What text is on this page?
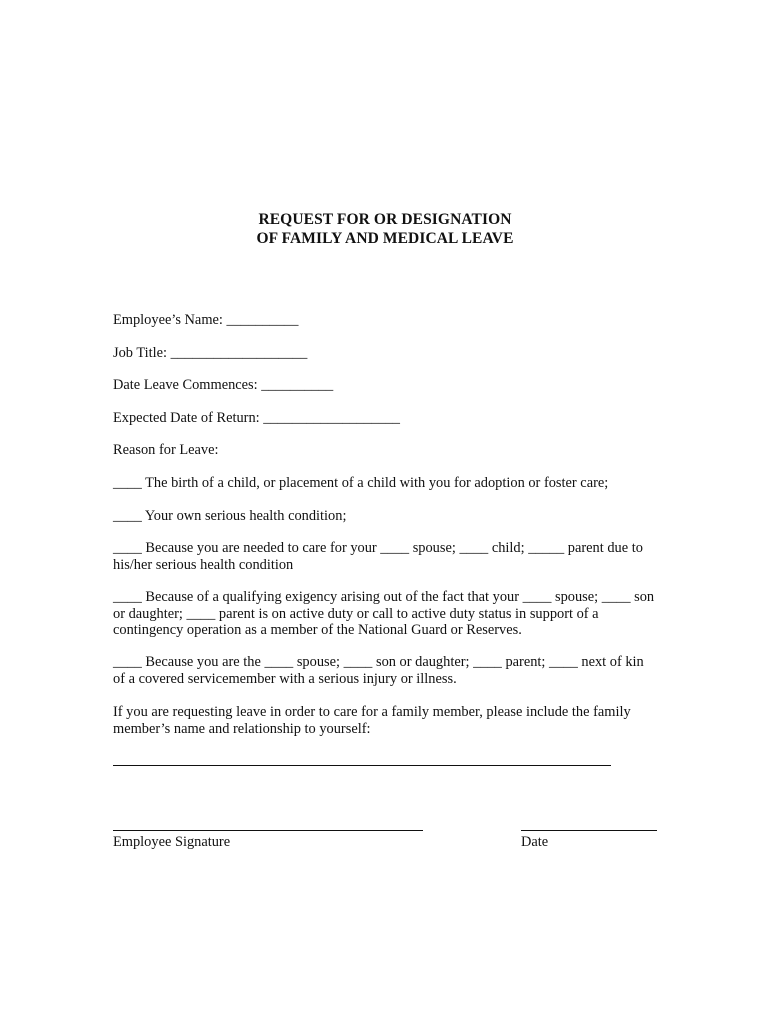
REQUEST FOR OR DESIGNATION
OF FAMILY AND MEDICAL LEAVE
Employee’s Name: __________
Job Title: ___________________
Date Leave Commences: __________
Expected Date of Return: ___________________
Reason for Leave:
____ The birth of a child, or placement of a child with you for adoption or foster care;
____ Your own serious health condition;
____ Because you are needed to care for your ____ spouse; ____ child; _____ parent due to his/her serious health condition
____ Because of a qualifying exigency arising out of the fact that your ____ spouse; ____ son or daughter; ____ parent is on active duty or call to active duty status in support of a contingency operation as a member of the National Guard or Reserves.
____ Because you are the ____ spouse; ____ son or daughter; ____ parent; ____ next of kin of a covered servicemember with a serious injury or illness.
If you are requesting leave in order to care for a family member, please include the family member’s name and relationship to yourself:
Employee Signature	Date
